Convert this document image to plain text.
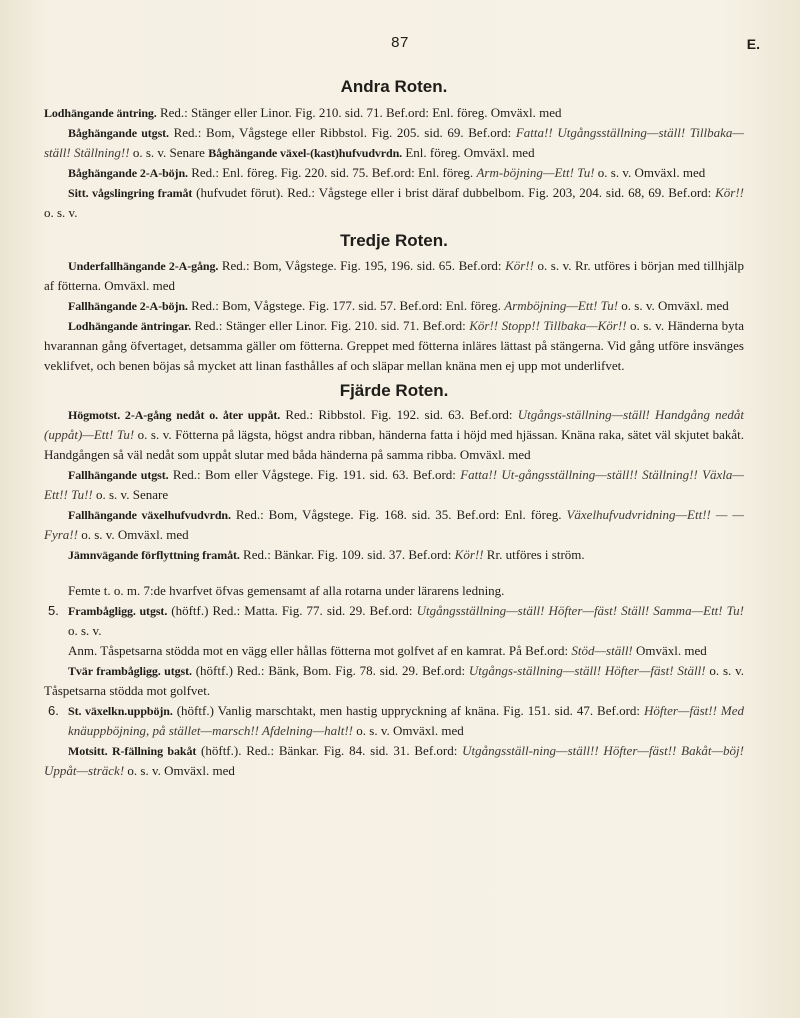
87	E.
Andra Roten.

Lodhängande äntring. Red.: Stänger eller Linor. Fig. 210. sid. 71. Bef.ord: Enl. föreg. Omväxl. med

Båghängande utgst. Red.: Bom, Vågstege eller Ribbstol. Fig. 205. sid. 69. Bef.ord: Fatta!! Utgångsställning—ställ! Tillbaka—ställ! Ställning!! o. s. v. Senare Båghängande växel-(kast)hufvudvrdn. Enl. föreg. Omväxl. med

Båghängande 2-A-böjn. Red.: Enl. föreg. Fig. 220. sid. 75. Bef.ord: Enl. föreg. Arm-böjning—Ett! Tu! o. s. v. Omväxl. med

Sitt. vågslingring framåt (hufvudet förut). Red.: Vågstege eller i brist däraf dubbelbom. Fig. 203, 204. sid. 68, 69. Bef.ord: Kör!! o. s. v.

Tredje Roten.

Underfallhängande 2-A-gång. Red.: Bom, Vågstege. Fig. 195, 196. sid. 65. Bef.ord: Kör!! o. s. v. Rr. utföres i början med tillhjälp af fötterna. Omväxl. med

Fallhängande 2-A-böjn. Red.: Bom, Vågstege. Fig. 177. sid. 57. Bef.ord: Enl. föreg. Armböjning—Ett! Tu! o. s. v. Omväxl. med

Lodhängande äntringar. Red.: Stänger eller Linor. Fig. 210. sid. 71. Bef.ord: Kör!! Stopp!! Tillbaka—Kör!! o. s. v. Händerna byta hvarannan gång öfvertaget, detsamma gäller om fötterna. Greppet med fötterna inläres lättast på stängerna. Vid gång utföre insvänges veklifvet, och benen böjas så mycket att linan fasthålles af och släpar mellan knäna men ej upp mot underlifvet.

Fjärde Roten.

Högmotst. 2-A-gång nedåt o. åter uppåt. Red.: Ribbstol. Fig. 192. sid. 63. Bef.ord: Utgångs-ställning—ställ! Handgång nedåt (uppåt)—Ett! Tu! o. s. v. Fötterna på lägsta, högst andra ribban, händerna fatta i höjd med hjässan. Knäna raka, sätet väl skjutet bakåt. Handgången så väl nedåt som uppåt slutar med båda händerna på samma ribba. Omväxl. med

Fallhängande utgst. Red.: Bom eller Vågstege. Fig. 191. sid. 63. Bef.ord: Fatta!! Ut-gångsställning—ställ!! Ställning!! Växla—Ett!! Tu!! o. s. v. Senare

Fallhängande växelhufvudvrdn. Red.: Bom, Vågstege. Fig. 168. sid. 35. Bef.ord: Enl. föreg. Växelhufvudvridning—Ett!! — — Fyra!! o. s. v. Omväxl. med

Jämnvägande förflyttning framåt. Red.: Bänkar. Fig. 109. sid. 37. Bef.ord: Kör!! Rr. utföres i ström.

Femte t. o. m. 7:de hvarfvet öfvas gemensamt af alla rotarna under lärarens ledning.

5. Frambågligg. utgst. (höftf.) Red.: Matta. Fig. 77. sid. 29. Bef.ord: Utgångsställning—ställ! Höfter—fäst! Ställ! Samma—Ett! Tu! o. s. v.

Anm. Tåspetsarna stödda mot en vägg eller hållas fötterna mot golfvet af en kamrat. På Bef.ord: Stöd—ställ! Omväxl. med

Tvär frambågligg. utgst. (höftf.) Red.: Bänk, Bom. Fig. 78. sid. 29. Bef.ord: Utgångs-ställning—ställ! Höfter—fäst! Ställ! o. s. v. Tåspetsarna stödda mot golfvet.

6. St. växelkn.uppböjn. (höftf.) Vanlig marschtakt, men hastig uppryckning af knäna. Fig. 151. sid. 47. Bef.ord: Höfter—fäst!! Med knäuppböjning, på stället—marsch!! Afdelning—halt!! o. s. v. Omväxl. med

Motsitt. R-fällning bakåt (höftf.). Red.: Bänkar. Fig. 84. sid. 31. Bef.ord: Utgångsställ-ning—ställ!! Höfter—fäst!! Bakåt—böj! Uppåt—sträck! o. s. v. Omväxl. med
